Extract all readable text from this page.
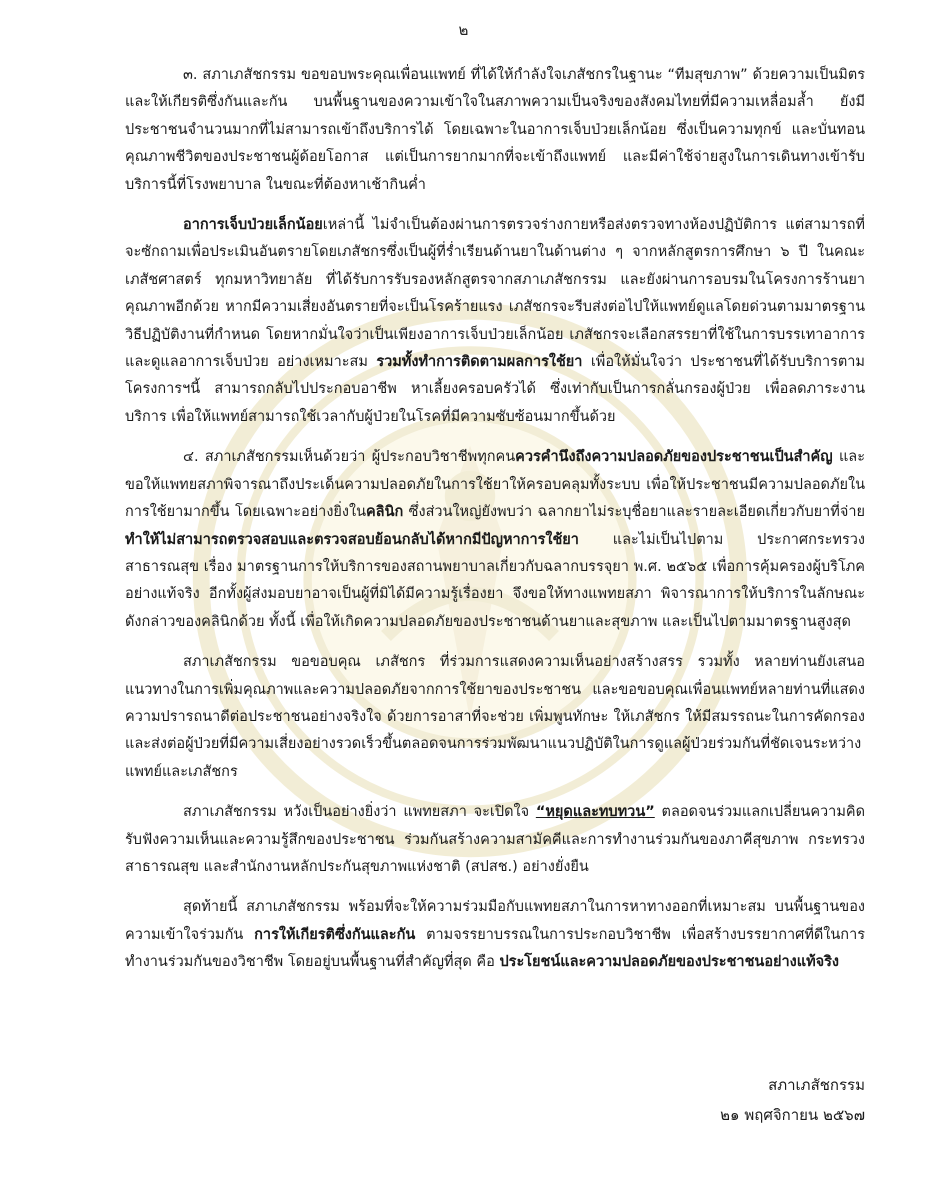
๒

๓. สภาเภสัชกรรม ขอขอบพระคุณเพื่อนแพทย์ ที่ได้ให้กำลังใจเภสัชกรในฐานะ “ทีมสุขภาพ” ด้วยความเป็นมิตรและให้เกียรติซึ่งกันและกัน บนพื้นฐานของความเข้าใจในสภาพความเป็นจริงของสังคมไทยที่มีความเหลื่อมล้ำ ยังมีประชาชนจำนวนมากที่ไม่สามารถเข้าถึงบริการได้ โดยเฉพาะในอาการเจ็บป่วยเล็กน้อย ซึ่งเป็นความทุกข์ และบั่นทอนคุณภาพชีวิตของประชาชนผู้ด้อยโอกาส แต่เป็นการยากมากที่จะเข้าถึงแพทย์ และมีค่าใช้จ่ายสูงในการเดินทางเข้ารับบริการนี้ที่โรงพยาบาล ในขณะที่ต้องหาเช้ากินค่ำ

อาการเจ็บป่วยเล็กน้อยเหล่านี้ ไม่จำเป็นต้องผ่านการตรวจร่างกายหรือส่งตรวจทางห้องปฏิบัติการ แต่สามารถที่จะซักถามเพื่อประเมินอันตรายโดยเภสัชกรซึ่งเป็นผู้ที่ร่ำเรียนด้านยาในด้านต่าง ๆ จากหลักสูตรการศึกษา ๖ ปี ในคณะเภสัชศาสตร์ ทุกมหาวิทยาลัย ที่ได้รับการรับรองหลักสูตรจากสภาเภสัชกรรม และยังผ่านการอบรมในโครงการร้านยาคุณภาพอีกด้วย หากมีความเสี่ยงอันตรายที่จะเป็นโรคร้ายแรง เภสัชกรจะรีบส่งต่อไปให้แพทย์ดูแลโดยด่วนตามมาตรฐานวิธีปฏิบัติงานที่กำหนด โดยหากมั่นใจว่าเป็นเพียงอาการเจ็บป่วยเล็กน้อย เภสัชกรจะเลือกสรรยาที่ใช้ในการบรรเทาอาการและดูแลอาการเจ็บป่วย อย่างเหมาะสม รวมทั้งทำการติดตามผลการใช้ยา เพื่อให้มั่นใจว่า ประชาชนที่ได้รับบริการตามโครงการฯนี้ สามารถกลับไปประกอบอาชีพ หาเลี้ยงครอบครัวได้ ซึ่งเท่ากับเป็นการกลั่นกรองผู้ป่วย เพื่อลดภาระงานบริการ เพื่อให้แพทย์สามารถใช้เวลากับผู้ป่วยในโรคที่มีความซับซ้อนมากขึ้นด้วย

๔. สภาเภสัชกรรมเห็นด้วยว่า ผู้ประกอบวิชาชีพทุกคนควรคำนึงถึงความปลอดภัยของประชาชนเป็นสำคัญ และขอให้แพทยสภาพิจารณาถึงประเด็นความปลอดภัยในการใช้ยาให้ครอบคลุมทั้งระบบ เพื่อให้ประชาชนมีความปลอดภัยในการใช้ยามากขึ้น โดยเฉพาะอย่างยิ่งในคลินิก ซึ่งส่วนใหญ่ยังพบว่า ฉลากยาไม่ระบุชื่อยาและรายละเอียดเกี่ยวกับยาที่จ่าย ทำให้ไม่สามารถตรวจสอบและตรวจสอบย้อนกลับได้หากมีปัญหาการใช้ยา และไม่เป็นไปตาม ประกาศกระทรวงสาธารณสุข เรื่อง มาตรฐานการให้บริการของสถานพยาบาลเกี่ยวกับฉลากบรรจุยา พ.ศ. ๒๕๖๕ เพื่อการคุ้มครองผู้บริโภคอย่างแท้จริง อีกทั้งผู้ส่งมอบยาอาจเป็นผู้ที่มิได้มีความรู้เรื่องยา จึงขอให้ทางแพทยสภา พิจารณาการให้บริการในลักษณะดังกล่าวของคลินิกด้วย ทั้งนี้ เพื่อให้เกิดความปลอดภัยของประชาชนด้านยาและสุขภาพ และเป็นไปตามมาตรฐานสูงสุด

สภาเภสัชกรรม ขอขอบคุณ เภสัชกร ที่ร่วมการแสดงความเห็นอย่างสร้างสรร รวมทั้ง หลายท่านยังเสนอแนวทางในการเพิ่มคุณภาพและความปลอดภัยจากการใช้ยาของประชาชน และขอขอบคุณเพื่อนแพทย์หลายท่านที่แสดงความปรารถนาดีต่อประชาชนอย่างจริงใจ ด้วยการอาสาที่จะช่วย เพิ่มพูนทักษะ ให้เภสัชกร ให้มีสมรรถนะในการคัดกรองและส่งต่อผู้ป่วยที่มีความเสี่ยงอย่างรวดเร็วขึ้นตลอดจนการร่วมพัฒนาแนวปฏิบัติในการดูแลผู้ป่วยร่วมกันที่ชัดเจนระหว่างแพทย์และเภสัชกร

สภาเภสัชกรรม หวังเป็นอย่างยิ่งว่า แพทยสภา จะเปิดใจ “หยุดและทบทวน” ตลอดจนร่วมแลกเปลี่ยนความคิด รับฟังความเห็นและความรู้สึกของประชาชน ร่วมกันสร้างความสามัคคีและการทำงานร่วมกันของภาคีสุขภาพ กระทรวงสาธารณสุข และสำนักงานหลักประกันสุขภาพแห่งชาติ (สปสช.) อย่างยั่งยืน

สุดท้ายนี้ สภาเภสัชกรรม พร้อมที่จะให้ความร่วมมือกับแพทยสภาในการหาทางออกที่เหมาะสม บนพื้นฐานของความเข้าใจร่วมกัน การให้เกียรติซึ่งกันและกัน ตามจรรยาบรรณในการประกอบวิชาชีพ เพื่อสร้างบรรยากาศที่ดีในการทำงานร่วมกันของวิชาชีพ โดยอยู่บนพื้นฐานที่สำคัญที่สุด คือ ประโยชน์และความปลอดภัยของประชาชนอย่างแท้จริง

สภาเภสัชกรรม
๒๑ พฤศจิกายน ๒๕๖๗
